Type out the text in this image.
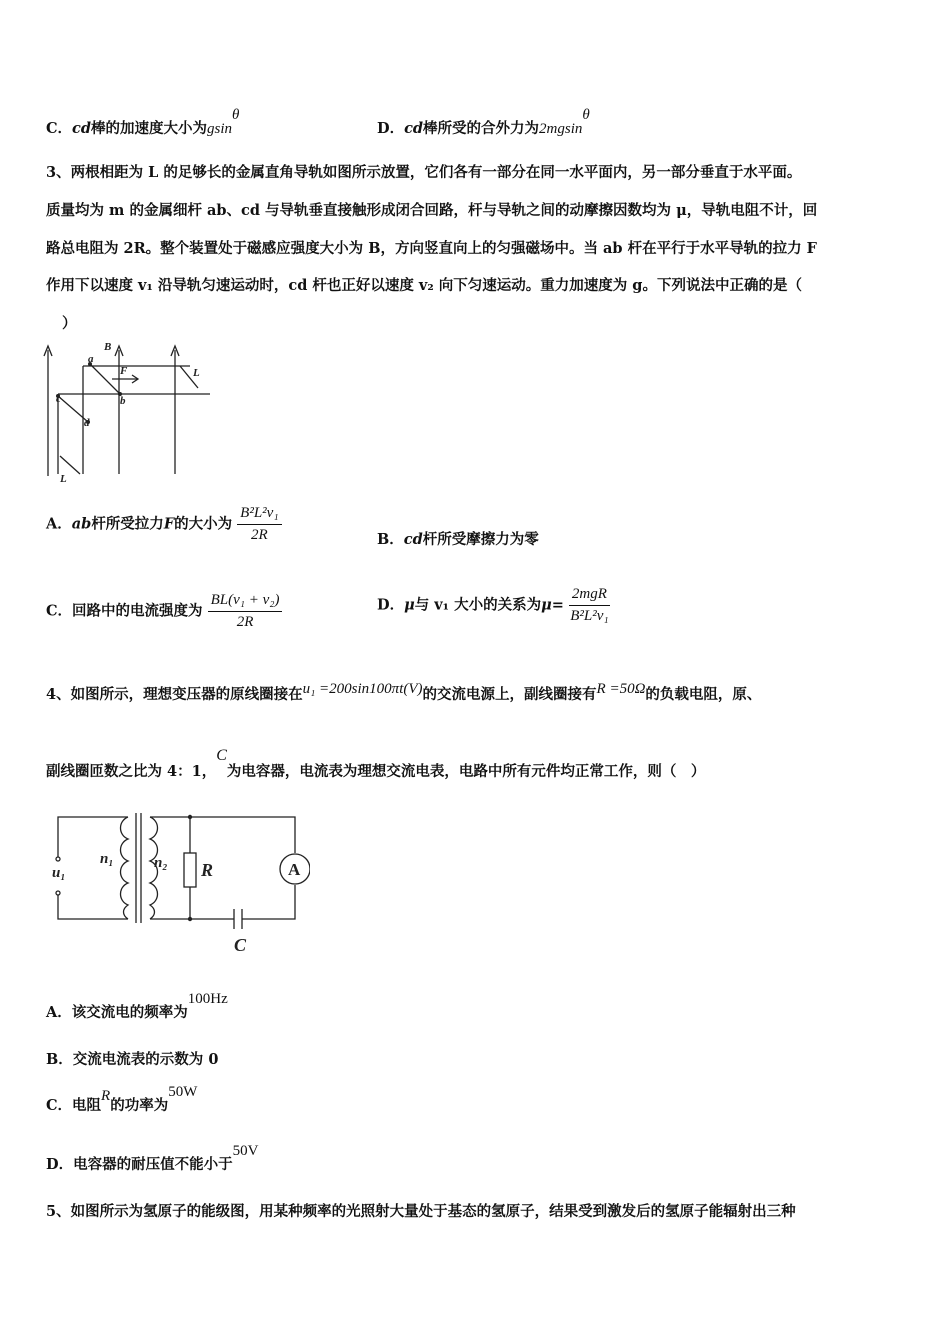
C．cd棒的加速度大小为gsinθ
D．cd棒所受的合外力为2mgsinθ
3、两根相距为 L 的足够长的金属直角导轨如图所示放置，它们各有一部分在同一水平面内，另一部分垂直于水平面。
质量均为 m 的金属细杆 ab、cd 与导轨垂直接触形成闭合回路，杆与导轨之间的动摩擦因数均为 μ，导轨电阻不计，回
路总电阻为 2R。整个装置处于磁感应强度大小为 B，方向竖直向上的匀强磁场中。当 ab 杆在平行于水平导轨的拉力 F
作用下以速度 v₁ 沿导轨匀速运动时，cd 杆也正好以速度 v₂ 向下匀速运动。重力加速度为 g。下列说法中正确的是（
）
a
B
F
b
c
d
L
L
A．ab杆所受拉力F的大小为 $\frac{\text{B²L²v₁}}{2R}$	B．cd杆所受摩擦力为零
C．回路中的电流强度为 $\frac{\text{BL(v₁ + v₂)}}{2R}$	D．μ与 v₁ 大小的关系为$\mu= \frac{\text{2mgR}}{\text{B²L²v₁}}$
4、如图所示，理想变压器的原线圈接在u₁ =200sin100πt(V)的交流电源上，副线圈接有R =50Ω的负载电阻，原、
副线圈匝数之比为 4：1，C为电容器，电流表为理想交流电表，电路中所有元件均正常工作，则（　）
u₁
n₁	n₂ R	A
C
A．该交流电的频率为100Hz
B．交流电流表的示数为 0
C．电阻R的功率为50W
D．电容器的耐压值不能小于50V
5、如图所示为氢原子的能级图，用某种频率的光照射大量处于基态的氢原子，结果受到激发后的氢原子能辐射出三种
